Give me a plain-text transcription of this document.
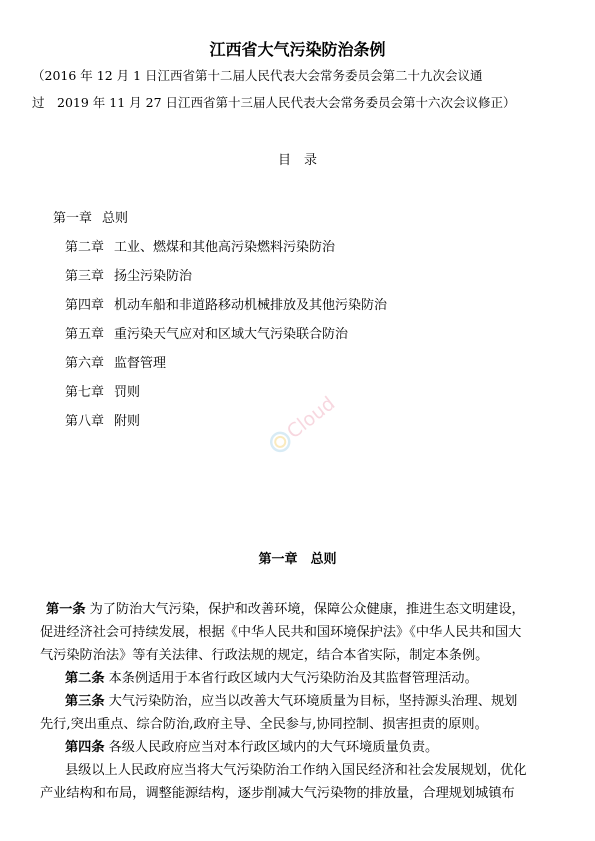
江西省大气污染防治条例
（2016 年 12 月 1 日江西省第十二届人民代表大会常务委员会第二十九次会议通
过　2019 年 11 月 27 日江西省第十三届人民代表大会常务委员会第十六次会议修正）
目　录
第一章 总则
第二章 工业、燃煤和其他高污染燃料污染防治
第三章 扬尘污染防治
第四章 机动车船和非道路移动机械排放及其他污染防治
第五章 重污染天气应对和区域大气污染联合防治
第六章 监督管理
第七章 罚则
第八章 附则	Cloud
第一章　总则
第一条 为了防治大气污染，保护和改善环境，保障公众健康，推进生态文明建设，
促进经济社会可持续发展，根据《中华人民共和国环境保护法》《中华人民共和国大
气污染防治法》等有关法律、行政法规的规定，结合本省实际，制定本条例。
第二条 本条例适用于本省行政区域内大气污染防治及其监督管理活动。
第三条 大气污染防治，应当以改善大气环境质量为目标，坚持源头治理、规划
先行,突出重点、综合防治,政府主导、全民参与,协同控制、损害担责的原则。
第四条 各级人民政府应当对本行政区域内的大气环境质量负责。
县级以上人民政府应当将大气污染防治工作纳入国民经济和社会发展规划，优化
产业结构和布局，调整能源结构，逐步削减大气污染物的排放量，合理规划城镇布
